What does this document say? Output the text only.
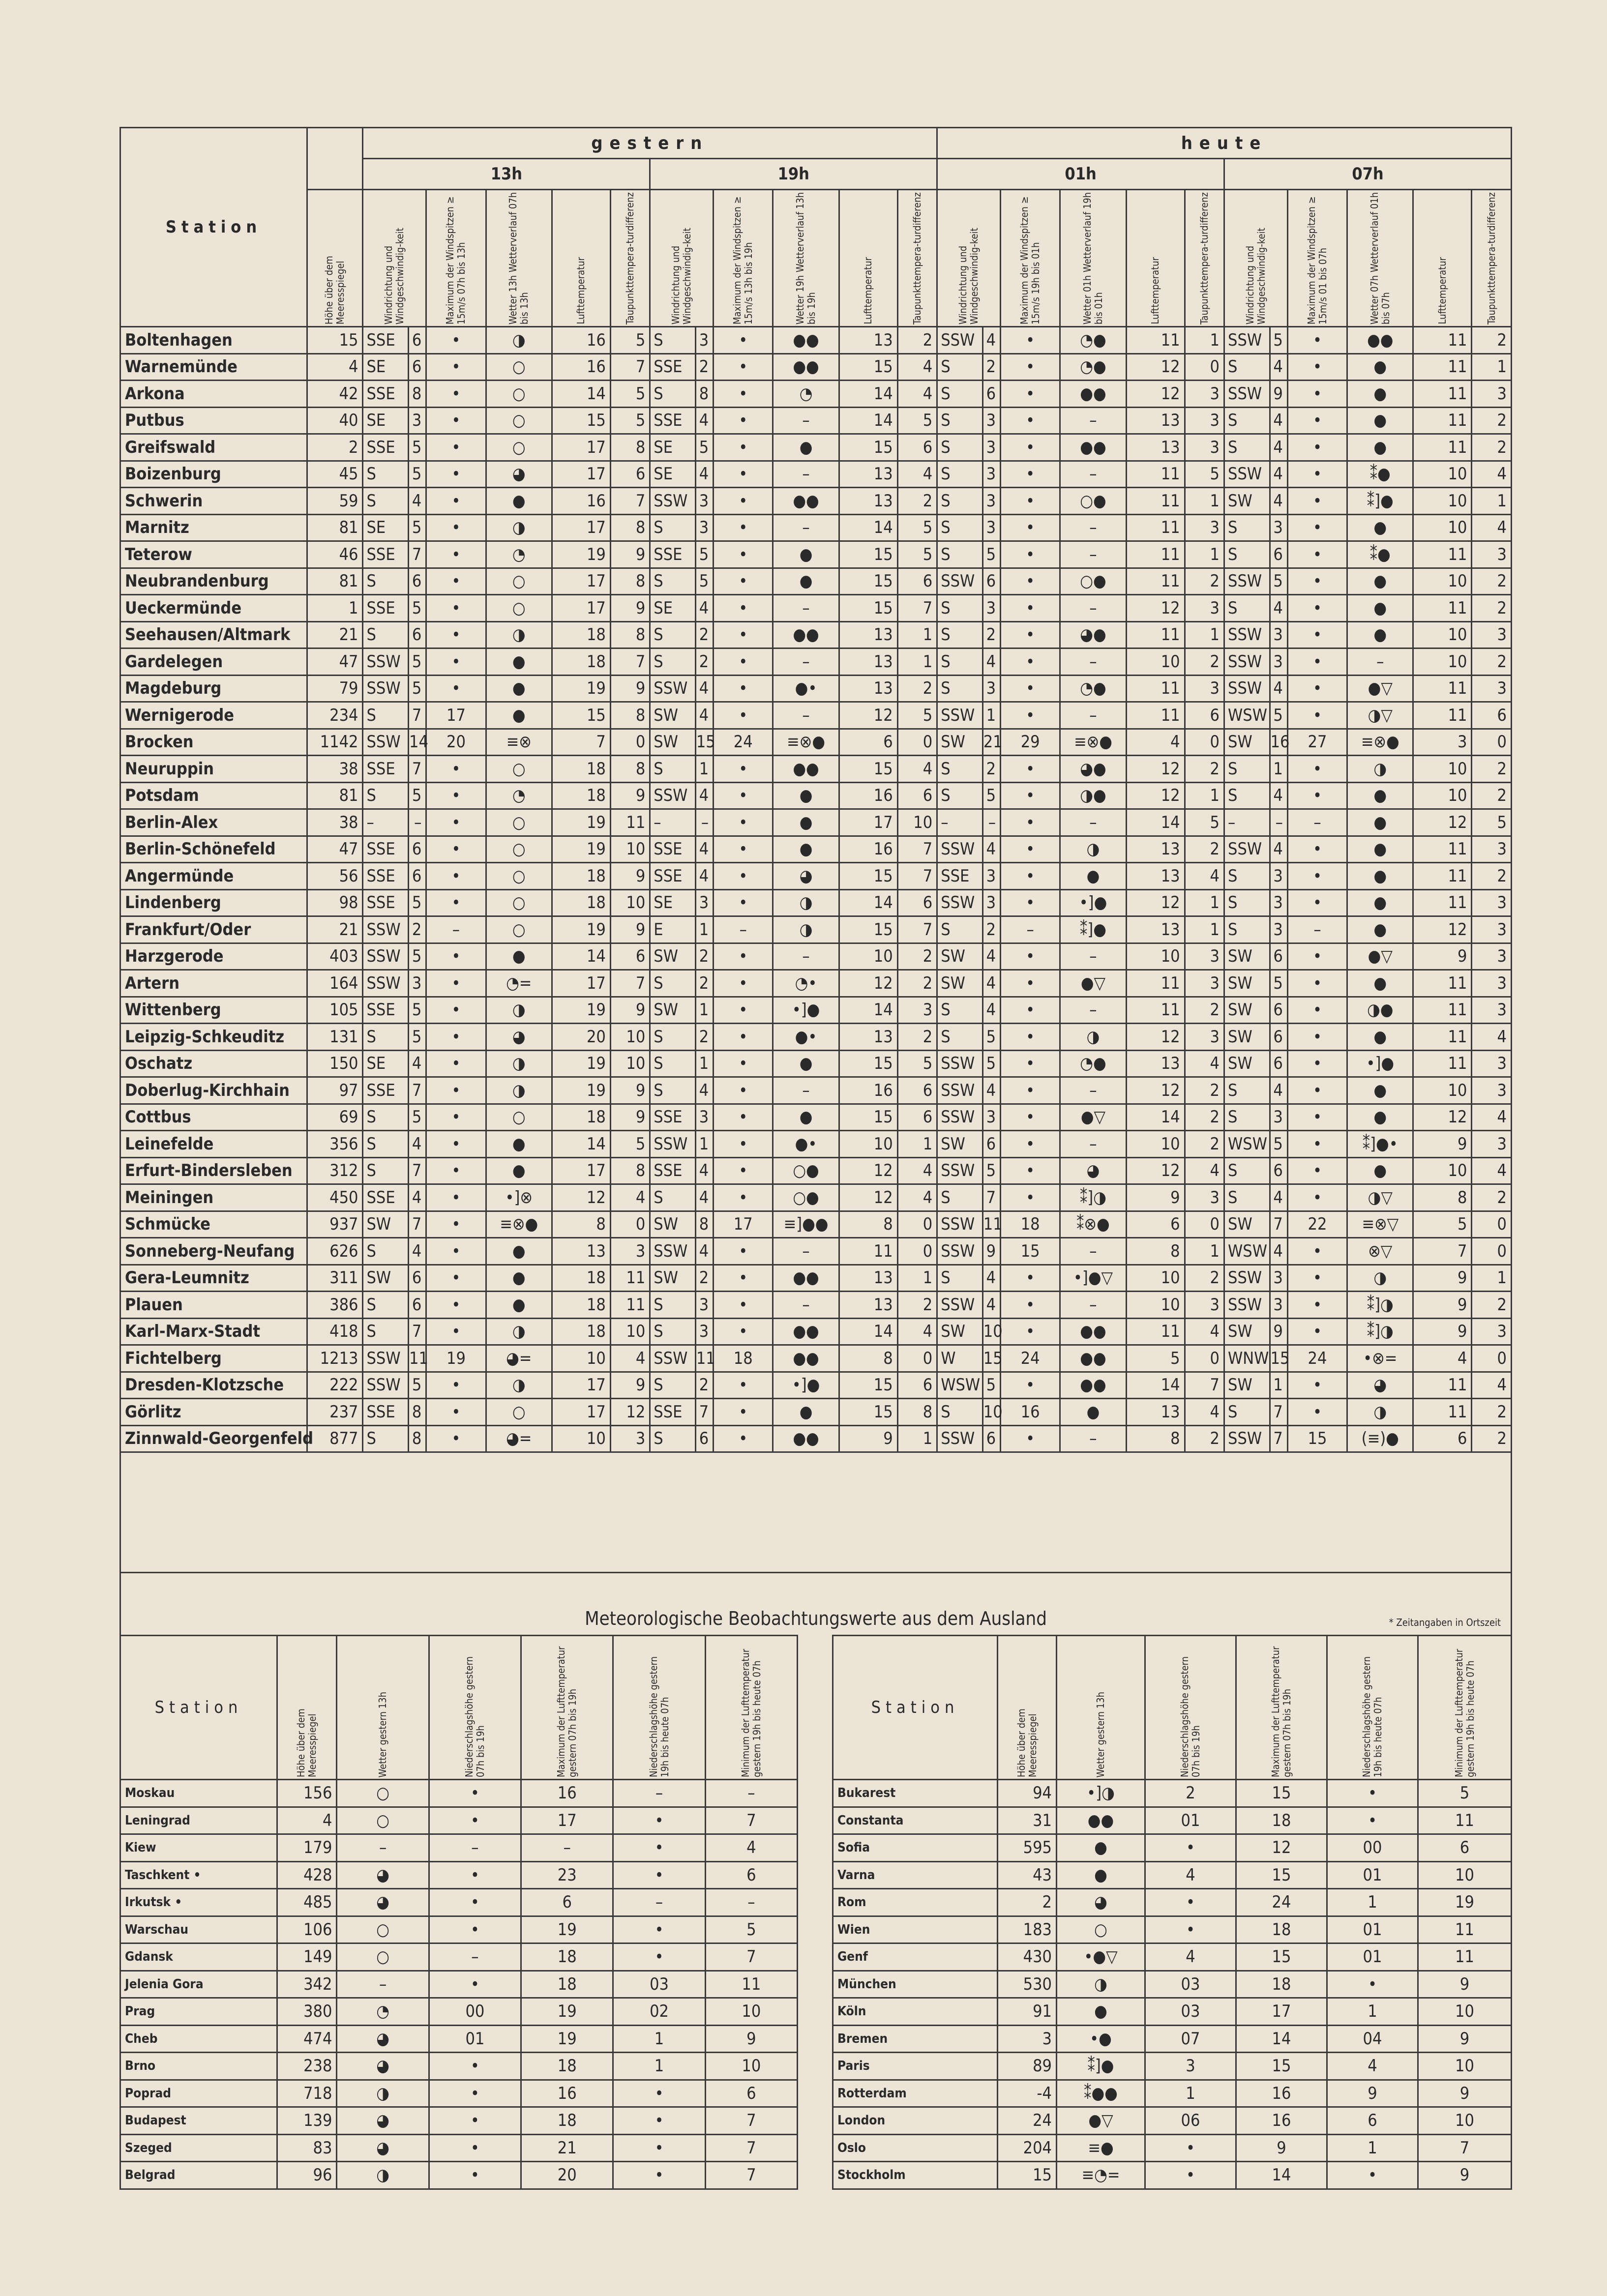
Station		gestern												heute											
		13h						19h						01h						07h					

	Höhe über dem Meeresspiegel	Windrichtung und Windgeschwindig-keit		Maximum der Windspitzen ≥ 15m/s 07h bis 13h	Wetter 13h Wetterverlauf 07h bis 13h	Lufttemperatur	Taupunkttempera-turdifferenz	Windrichtung und Windgeschwindig-keit		Maximum der Windspitzen ≥ 15m/s 13h bis 19h	Wetter 19h Wetterverlauf 13h bis 19h	Lufttemperatur	Taupunkttempera-turdifferenz	Windrichtung und Windgeschwindig-keit		Maximum der Windspitzen ≥ 15m/s 19h bis 01h	Wetter 01h Wetterverlauf 19h bis 01h	Lufttemperatur	Taupunkttempera-turdifferenz	Windrichtung und Windgeschwindig-keit		Maximum der Windspitzen ≥ 15m/s 01 bis 07h	Wetter 07h Wetterverlauf 01h bis 07h	Lufttemperatur	Taupunkttempera-turdifferenz

Boltenhagen	15	SSE	6	•	◑	16	5	S	3	•	●●	13	2	SSW	4	•	◔●	11	1	SSW	5	•	●●	11	2
Warnemünde	4	SE	6	•	○	16	7	SSE	2	•	●●	15	4	S	2	•	◔●	12	0	S	4	•	●	11	1
Arkona	42	SSE	8	•	○	14	5	S	8	•	◔	14	4	S	6	•	●●	12	3	SSW	9	•	●	11	3
Putbus	40	SE	3	•	○	15	5	SSE	4	•	–	14	5	S	3	•	–	13	3	S	4	•	●	11	2
Greifswald	2	SSE	5	•	○	17	8	SE	5	•	●	15	6	S	3	•	●●	13	3	S	4	•	●	11	2
Boizenburg	45	S	5	•	◕	17	6	SE	4	•	–	13	4	S	3	•	–	11	5	SSW	4	•	⁑●	10	4
Schwerin	59	S	4	•	●	16	7	SSW	3	•	●●	13	2	S	3	•	○●	11	1	SW	4	•	⁑]●	10	1
Marnitz	81	SE	5	•	◑	17	8	S	3	•	–	14	5	S	3	•	–	11	3	S	3	•	●	10	4
Teterow	46	SSE	7	•	◔	19	9	SSE	5	•	●	15	5	S	5	•	–	11	1	S	6	•	⁑●	11	3
Neubrandenburg	81	S	6	•	○	17	8	S	5	•	●	15	6	SSW	6	•	○●	11	2	SSW	5	•	●	10	2
Ueckermünde	1	SSE	5	•	○	17	9	SE	4	•	–	15	7	S	3	•	–	12	3	S	4	•	●	11	2
Seehausen/Altmark	21	S	6	•	◑	18	8	S	2	•	●●	13	1	S	2	•	◕●	11	1	SSW	3	•	●	10	3
Gardelegen	47	SSW	5	•	●	18	7	S	2	•	–	13	1	S	4	•	–	10	2	SSW	3	•	–	10	2
Magdeburg	79	SSW	5	•	●	19	9	SSW	4	•	●•	13	2	S	3	•	◔●	11	3	SSW	4	•	●▽	11	3
Wernigerode	234	S	7	17	●	15	8	SW	4	•	–	12	5	SSW	1	•	–	11	6	WSW	5	•	◑▽	11	6
Brocken	1142	SSW	14	20	≡⊗	7	0	SW	15	24	≡⊗●	6	0	SW	21	29	≡⊗●	4	0	SW	16	27	≡⊗●	3	0
Neuruppin	38	SSE	7	•	○	18	8	S	1	•	●●	15	4	S	2	•	◕●	12	2	S	1	•	◑	10	2
Potsdam	81	S	5	•	◔	18	9	SSW	4	•	●	16	6	S	5	•	◑●	12	1	S	4	•	●	10	2
Berlin-Alex	38	–	–	•	○	19	11	–	–	•	●	17	10	–	–	•	–	14	5	–	–	–	●	12	5
Berlin-Schönefeld	47	SSE	6	•	○	19	10	SSE	4	•	●	16	7	SSW	4	•	◑	13	2	SSW	4	•	●	11	3
Angermünde	56	SSE	6	•	○	18	9	SSE	4	•	◕	15	7	SSE	3	•	●	13	4	S	3	•	●	11	2
Lindenberg	98	SSE	5	•	○	18	10	SE	3	•	◑	14	6	SSW	3	•	•]●	12	1	S	3	•	●	11	3
Frankfurt/Oder	21	SSW	2	–	○	19	9	E	1	–	◑	15	7	S	2	–	⁑]●	13	1	S	3	–	●	12	3
Harzgerode	403	SSW	5	•	●	14	6	SW	2	•	–	10	2	SW	4	•	–	10	3	SW	6	•	●▽	9	3
Artern	164	SSW	3	•	◔=	17	7	S	2	•	◔•	12	2	SW	4	•	●▽	11	3	SW	5	•	●	11	3
Wittenberg	105	SSE	5	•	◑	19	9	SW	1	•	•]●	14	3	S	4	•	–	11	2	SW	6	•	◑●	11	3
Leipzig-Schkeuditz	131	S	5	•	◕	20	10	S	2	•	●•	13	2	S	5	•	◑	12	3	SW	6	•	●	11	4
Oschatz	150	SE	4	•	◑	19	10	S	1	•	●	15	5	SSW	5	•	◔●	13	4	SW	6	•	•]●	11	3
Doberlug-Kirchhain	97	SSE	7	•	◑	19	9	S	4	•	–	16	6	SSW	4	•	–	12	2	S	4	•	●	10	3
Cottbus	69	S	5	•	○	18	9	SSE	3	•	●	15	6	SSW	3	•	●▽	14	2	S	3	•	●	12	4
Leinefelde	356	S	4	•	●	14	5	SSW	1	•	●•	10	1	SW	6	•	–	10	2	WSW	5	•	⁑]●•	9	3
Erfurt-Bindersleben	312	S	7	•	●	17	8	SSE	4	•	○●	12	4	SSW	5	•	◕	12	4	S	6	•	●	10	4
Meiningen	450	SSE	4	•	•]⊗	12	4	S	4	•	○●	12	4	S	7	•	⁑]◑	9	3	S	4	•	◑▽	8	2
Schmücke	937	SW	7	•	≡⊗●	8	0	SW	8	17	≡]●●	8	0	SSW	11	18	⁑⊗●	6	0	SW	7	22	≡⊗▽	5	0
Sonneberg-Neufang	626	S	4	•	●	13	3	SSW	4	•	–	11	0	SSW	9	15	–	8	1	WSW	4	•	⊗▽	7	0
Gera-Leumnitz	311	SW	6	•	●	18	11	SW	2	•	●●	13	1	S	4	•	•]●▽	10	2	SSW	3	•	◑	9	1
Plauen	386	S	6	•	●	18	11	S	3	•	–	13	2	SSW	4	•	–	10	3	SSW	3	•	⁑]◑	9	2
Karl-Marx-Stadt	418	S	7	•	◑	18	10	S	3	•	●●	14	4	SW	10	•	●●	11	4	SW	9	•	⁑]◑	9	3
Fichtelberg	1213	SSW	11	19	◕=	10	4	SSW	11	18	●●	8	0	W	15	24	●●	5	0	WNW	15	24	•⊗=	4	0
Dresden-Klotzsche	222	SSW	5	•	◑	17	9	S	2	•	•]●	15	6	WSW	5	•	●●	14	7	SW	1	•	◕	11	4
Görlitz	237	SSE	8	•	○	17	12	SSE	7	•	●	15	8	S	10	16	●	13	4	S	7	•	◑	11	2
Zinnwald-Georgenfeld	877	S	8	•	◕=	10	3	S	6	•	●●	9	1	SSW	6	•	–	8	2	SSW	7	15	(≡)●	6	2
Meteorologische Beobachtungswerte aus dem Ausland	* Zeitangaben in Ortszeit
Station	Höhe über dem Meeresspiegel	Wetter gestern 13h	Niederschlagshöhe gestern 07h bis 19h	Maximum der Lufttemperatur gestern 07h bis 19h	Niederschlagshöhe gestern 19h bis heute 07h	Minimum der Lufttemperatur gestern 19h bis heute 07h

Moskau	156	○	•	16	–	–
Leningrad	4	○	•	17	•	7
Kiew	179	–	–	–	•	4
Taschkent •	428	◕	•	23	•	6
Irkutsk •	485	◕	•	6	–	–
Warschau	106	○	•	19	•	5
Gdansk	149	○	–	18	•	7
Jelenia Gora	342	–	•	18	03	11
Prag	380	◔	00	19	02	10
Cheb	474	◕	01	19	1	9
Brno	238	◕	•	18	1	10
Poprad	718	◑	•	16	•	6
Budapest	139	◕	•	18	•	7
Szeged	83	◕	•	21	•	7
Belgrad	96	◑	•	20	•	7
Station	Höhe über dem Meeresspiegel	Wetter gestern 13h	Niederschlagshöhe gestern 07h bis 19h	Maximum der Lufttemperatur gestern 07h bis 19h	Niederschlagshöhe gestern 19h bis heute 07h	Minimum der Lufttemperatur gestern 19h bis heute 07h

Bukarest	94	•]◑	2	15	•	5
Constanta	31	●●	01	18	•	11
Sofia	595	●	•	12	00	6
Varna	43	●	4	15	01	10
Rom	2	◕	•	24	1	19
Wien	183	○	•	18	01	11
Genf	430	•●▽	4	15	01	11
München	530	◑	03	18	•	9
Köln	91	●	03	17	1	10
Bremen	3	•●	07	14	04	9
Paris	89	⁑]●	3	15	4	10
Rotterdam	-4	⁑●●	1	16	9	9
London	24	●▽	06	16	6	10
Oslo	204	≡●	•	9	1	7
Stockholm	15	≡◔=	•	14	•	9
